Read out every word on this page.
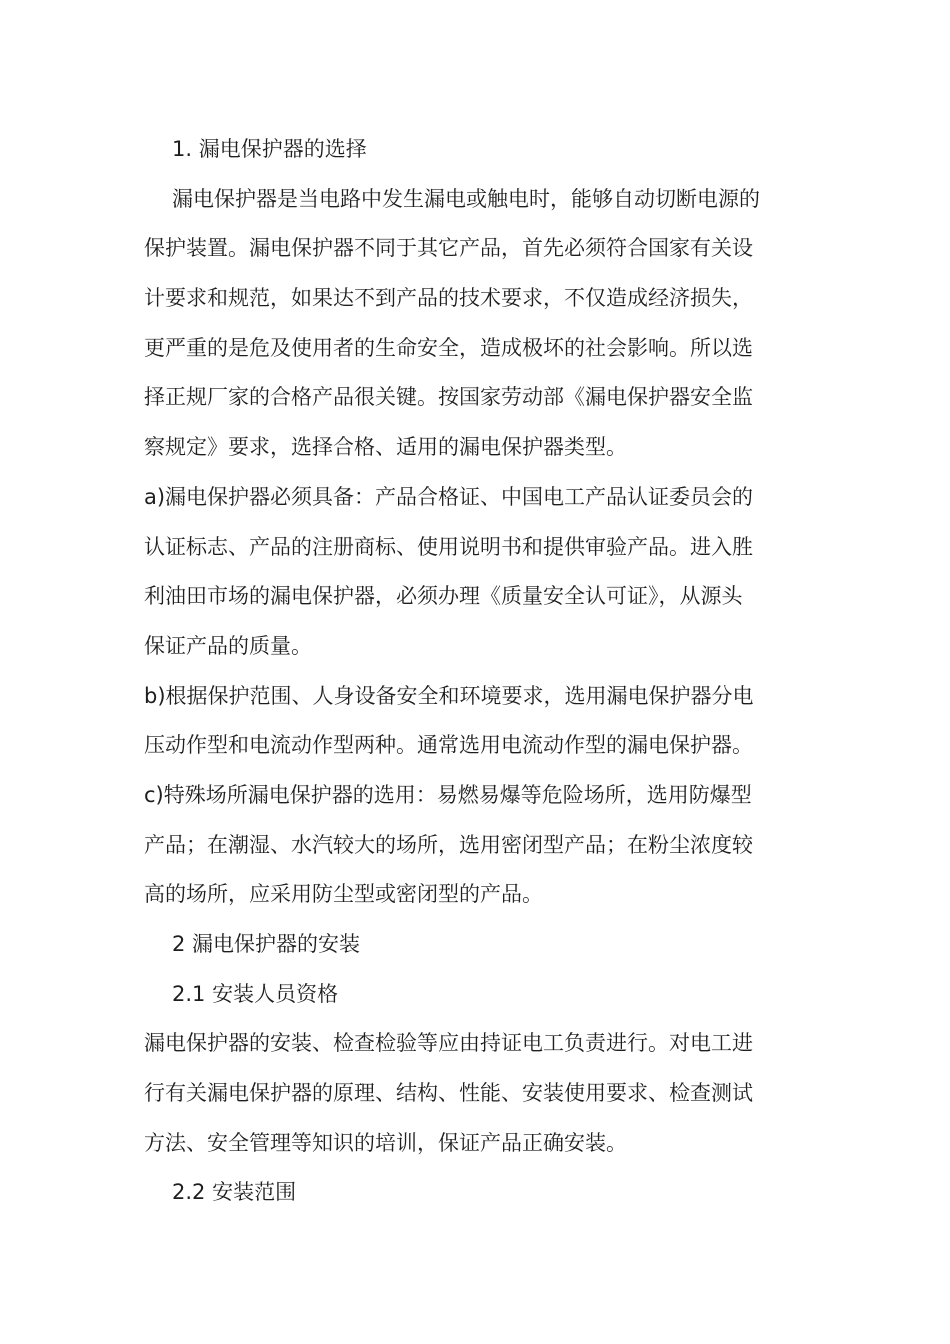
1. 漏电保护器的选择
漏电保护器是当电路中发生漏电或触电时，能够自动切断电源的
保护装置。漏电保护器不同于其它产品，首先必须符合国家有关设
计要求和规范，如果达不到产品的技术要求，不仅造成经济损失，
更严重的是危及使用者的生命安全，造成极坏的社会影响。所以选
择正规厂家的合格产品很关键。按国家劳动部《漏电保护器安全监
察规定》要求，选择合格、适用的漏电保护器类型。
a)漏电保护器必须具备：产品合格证、中国电工产品认证委员会的
认证标志、产品的注册商标、使用说明书和提供审验产品。进入胜
利油田市场的漏电保护器，必须办理《质量安全认可证》，从源头
保证产品的质量。
b)根据保护范围、人身设备安全和环境要求，选用漏电保护器分电
压动作型和电流动作型两种。通常选用电流动作型的漏电保护器。
c)特殊场所漏电保护器的选用：易燃易爆等危险场所，选用防爆型
产品；在潮湿、水汽较大的场所，选用密闭型产品；在粉尘浓度较
高的场所，应采用防尘型或密闭型的产品。
2 漏电保护器的安装
2.1 安装人员资格
漏电保护器的安装、检查检验等应由持证电工负责进行。对电工进
行有关漏电保护器的原理、结构、性能、安装使用要求、检查测试
方法、安全管理等知识的培训，保证产品正确安装。
2.2 安装范围
